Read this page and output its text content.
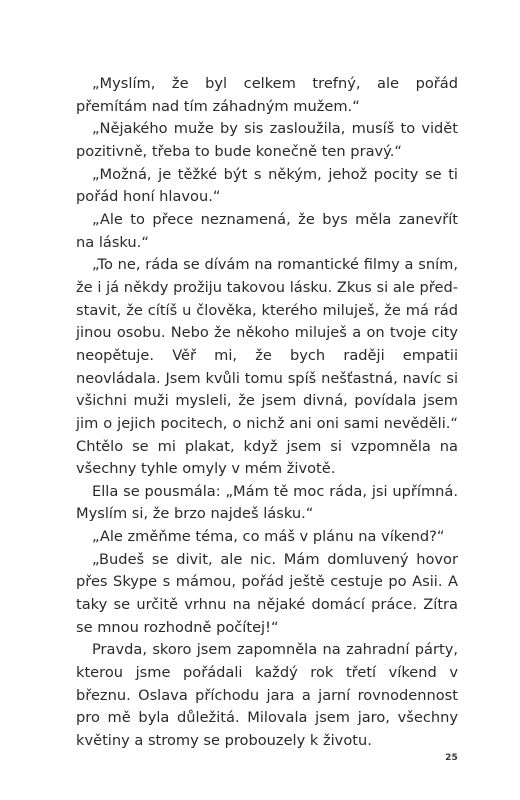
„Myslím, že byl celkem trefný, ale pořád přemítám nad tím záhadným mužem.“

„Nějakého muže by sis zasloužila, musíš to vidět pozitivně, třeba to bude konečně ten pravý.“

„Možná, je těžké být s někým, jehož pocity se ti pořád honí hlavou.“

„Ale to přece neznamená, že bys měla zanevřít na lásku.“

„To ne, ráda se dívám na romantické filmy a sním, že i já někdy prožiju takovou lásku. Zkus si ale představit, že cítíš u člověka, kterého miluješ, že má rád jinou osobu. Nebo že někoho miluješ a on tvoje city neopětuje. Věř mi, že bych raději empatii neovládala. Jsem kvůli tomu spíš nešťastná, navíc si všichni muži mysleli, že jsem divná, povídala jsem jim o jejich pocitech, o nichž ani oni sami nevěděli.“ Chtělo se mi plakat, když jsem si vzpomněla na všechny tyhle omyly v mém životě.

Ella se pousmála: „Mám tě moc ráda, jsi upřímná. Myslím si, že brzo najdeš lásku.“

„Ale změňme téma, co máš v plánu na víkend?“

„Budeš se divit, ale nic. Mám domluvený hovor přes Skype s mámou, pořád ještě cestuje po Asii. A taky se určitě vrhnu na nějaké domácí práce. Zítra se mnou rozhodně počítej!“

Pravda, skoro jsem zapomněla na zahradní párty, kterou jsme pořádali každý rok třetí víkend v březnu. Oslava příchodu jara a jarní rovnodennost pro mě byla důležitá. Milovala jsem jaro, všechny květiny a stromy se probouzely k životu.

25
